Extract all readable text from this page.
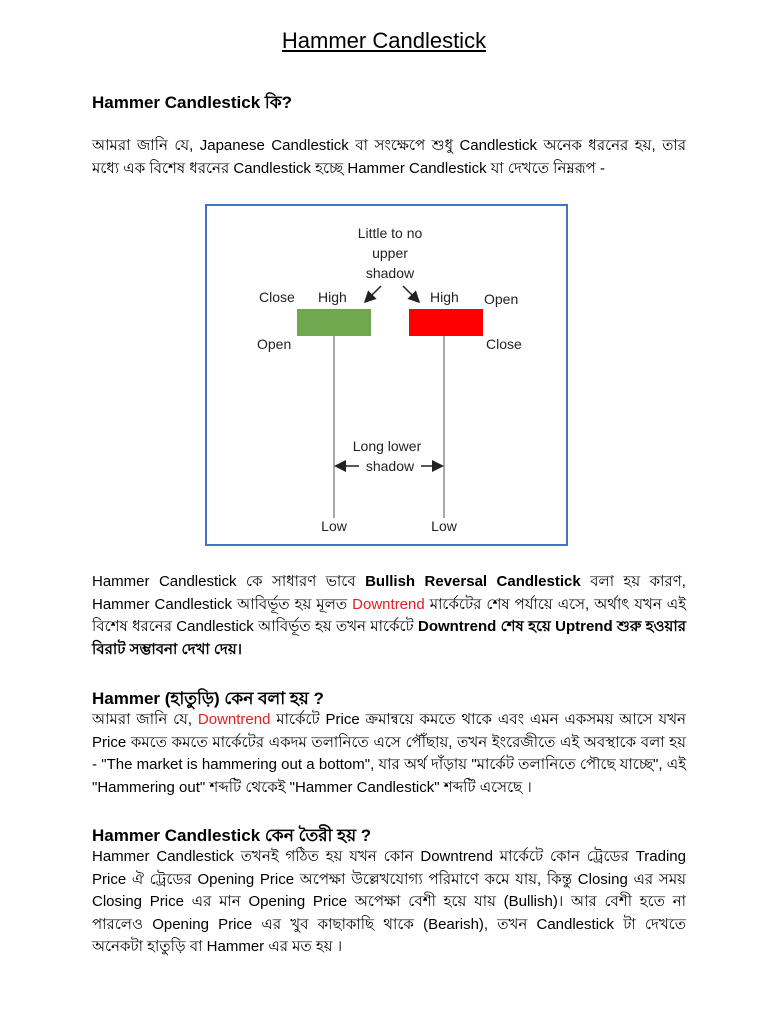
Hammer Candlestick
Hammer Candlestick কি?
আমরা জানি যে, Japanese Candlestick বা সংক্ষেপে শুধু Candlestick অনেক ধরনের হয়, তার মধ্যে এক বিশেষ ধরনের Candlestick হচ্ছে Hammer Candlestick যা দেখতে নিম্নরূপ -
Little to no
upper
shadow
Close High
Open
High Open
Close
Long lower
shadow
Low	Low
Hammer Candlestick কে সাধারণ ভাবে Bullish Reversal Candlestick বলা হয় কারণ, Hammer Candlestick আবির্ভূত হয় মূলত Downtrend মার্কেটের শেষ পর্যায়ে এসে, অর্থাৎ যখন এই বিশেষ ধরনের Candlestick আবির্ভূত হয় তখন মার্কেটে Downtrend শেষ হয়ে Uptrend শুরু হওয়ার বিরাট সম্ভাবনা দেখা দেয়।
Hammer (হাতুড়ি) কেন বলা হয় ?
আমরা জানি যে, Downtrend মার্কেটে Price ক্রমান্বয়ে কমতে থাকে এবং এমন একসময় আসে যখন Price কমতে কমতে মার্কেটের একদম তলানিতে এসে পৌঁছায়, তখন ইংরেজীতে এই অবস্থাকে বলা হয় - "The market is hammering out a bottom", যার অর্থ দাঁড়ায় "মার্কেট তলানিতে পৌছে যাচ্ছে", এই "Hammering out" শব্দটি থেকেই "Hammer Candlestick" শব্দটি এসেছে ।
Hammer Candlestick কেন তৈরী হয় ?
Hammer Candlestick তখনই গঠিত হয় যখন কোন Downtrend মার্কেটে কোন ট্রেডের Trading Price ঐ ট্রেডের Opening Price অপেক্ষা উল্লেখযোগ্য পরিমাণে কমে যায়, কিন্তু Closing এর সময় Closing Price এর মান Opening Price অপেক্ষা বেশী হয়ে যায় (Bullish)। আর বেশী হতে না পারলেও Opening Price এর খুব কাছাকাছি থাকে (Bearish), তখন Candlestick টা দেখতে অনেকটা হাতুড়ি বা Hammer এর মত হয় ।
